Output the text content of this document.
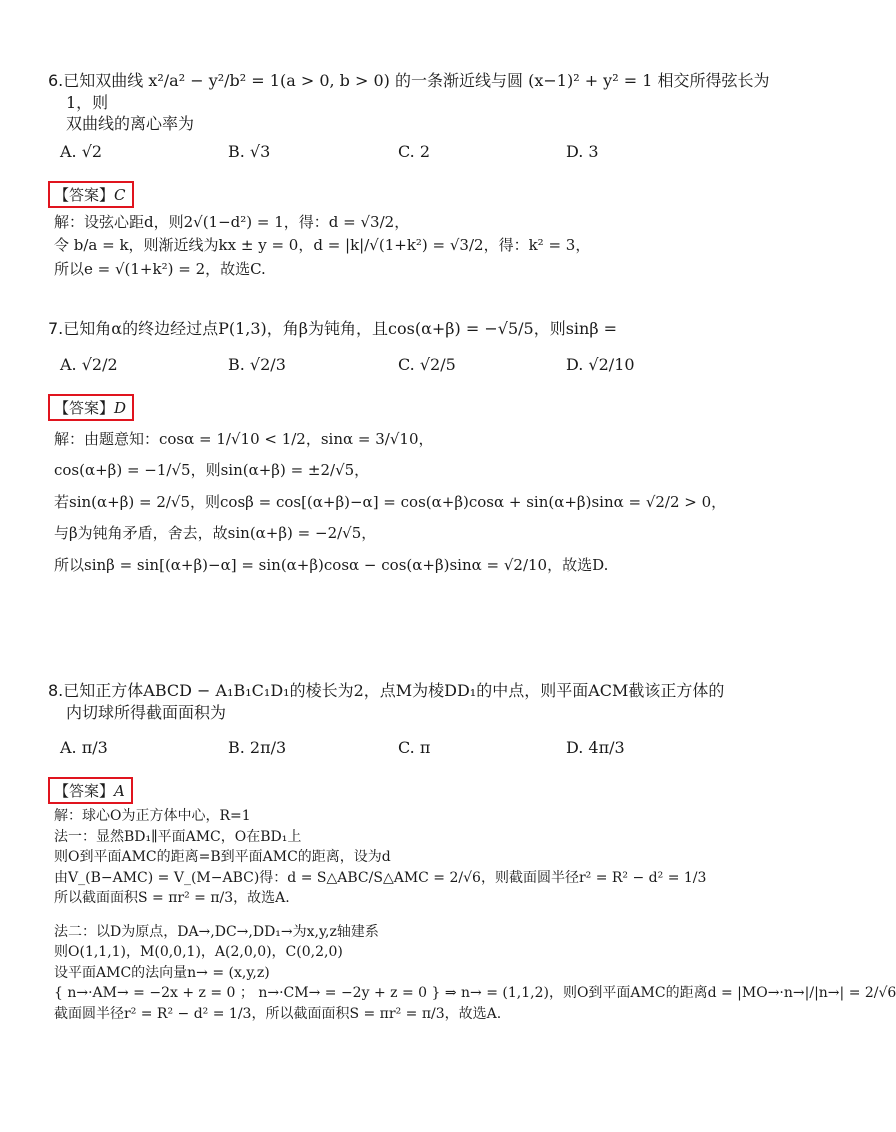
6.已知双曲线 x²/a² − y²/b² = 1(a > 0, b > 0) 的一条渐近线与圆 (x−1)² + y² = 1 相交所得弦长为1，则
双曲线的离心率为

A. √2	B. √3	C. 2	D. 3
【答案】C

解：设弦心距d，则2√(1−d²) = 1，得：d = √3/2，

令 b/a = k，则渐近线为kx ± y = 0，d = |k|/√(1+k²) = √3/2，得：k² = 3，

所以e = √(1+k²) = 2，故选C.

7.已知角α的终边经过点P(1,3)，角β为钝角，且cos(α+β) = −√5/5，则sinβ =

A. √2/2	B. √2/3	C. √2/5	D. √2/10
【答案】D

解：由题意知：cosα = 1/√10 < 1/2，sinα = 3/√10，

cos(α+β) = −1/√5，则sin(α+β) = ±2/√5，

若sin(α+β) = 2/√5，则cosβ = cos[(α+β)−α] = cos(α+β)cosα + sin(α+β)sinα = √2/2 > 0，

与β为钝角矛盾，舍去，故sin(α+β) = −2/√5，

所以sinβ = sin[(α+β)−α] = sin(α+β)cosα − cos(α+β)sinα = √2/10，故选D.

8.已知正方体ABCD − A₁B₁C₁D₁的棱长为2，点M为棱DD₁的中点，则平面ACM截该正方体的
内切球所得截面面积为

A. π/3	B. 2π/3	C. π	D. 4π/3
【答案】A

解：球心O为正方体中心，R=1

法一：显然BD₁∥平面AMC，O在BD₁上

则O到平面AMC的距离=B到平面AMC的距离，设为d

由V_(B−AMC) = V_(M−ABC)得：d = S△ABC/S△AMC = 2/√6，则截面圆半径r² = R² − d² = 1/3

所以截面面积S = πr² = π/3，故选A.

法二：以D为原点，DA→,DC→,DD₁→为x,y,z轴建系

则O(1,1,1)，M(0,0,1)，A(2,0,0)，C(0,2,0)

设平面AMC的法向量n→ = (x,y,z)

{ n→·AM→ = −2x + z = 0 ； n→·CM→ = −2y + z = 0 } ⇒ n→ = (1,1,2)，则O到平面AMC的距离d = |MO→·n→|/|n→| = 2/√6

截面圆半径r² = R² − d² = 1/3，所以截面面积S = πr² = π/3，故选A.
